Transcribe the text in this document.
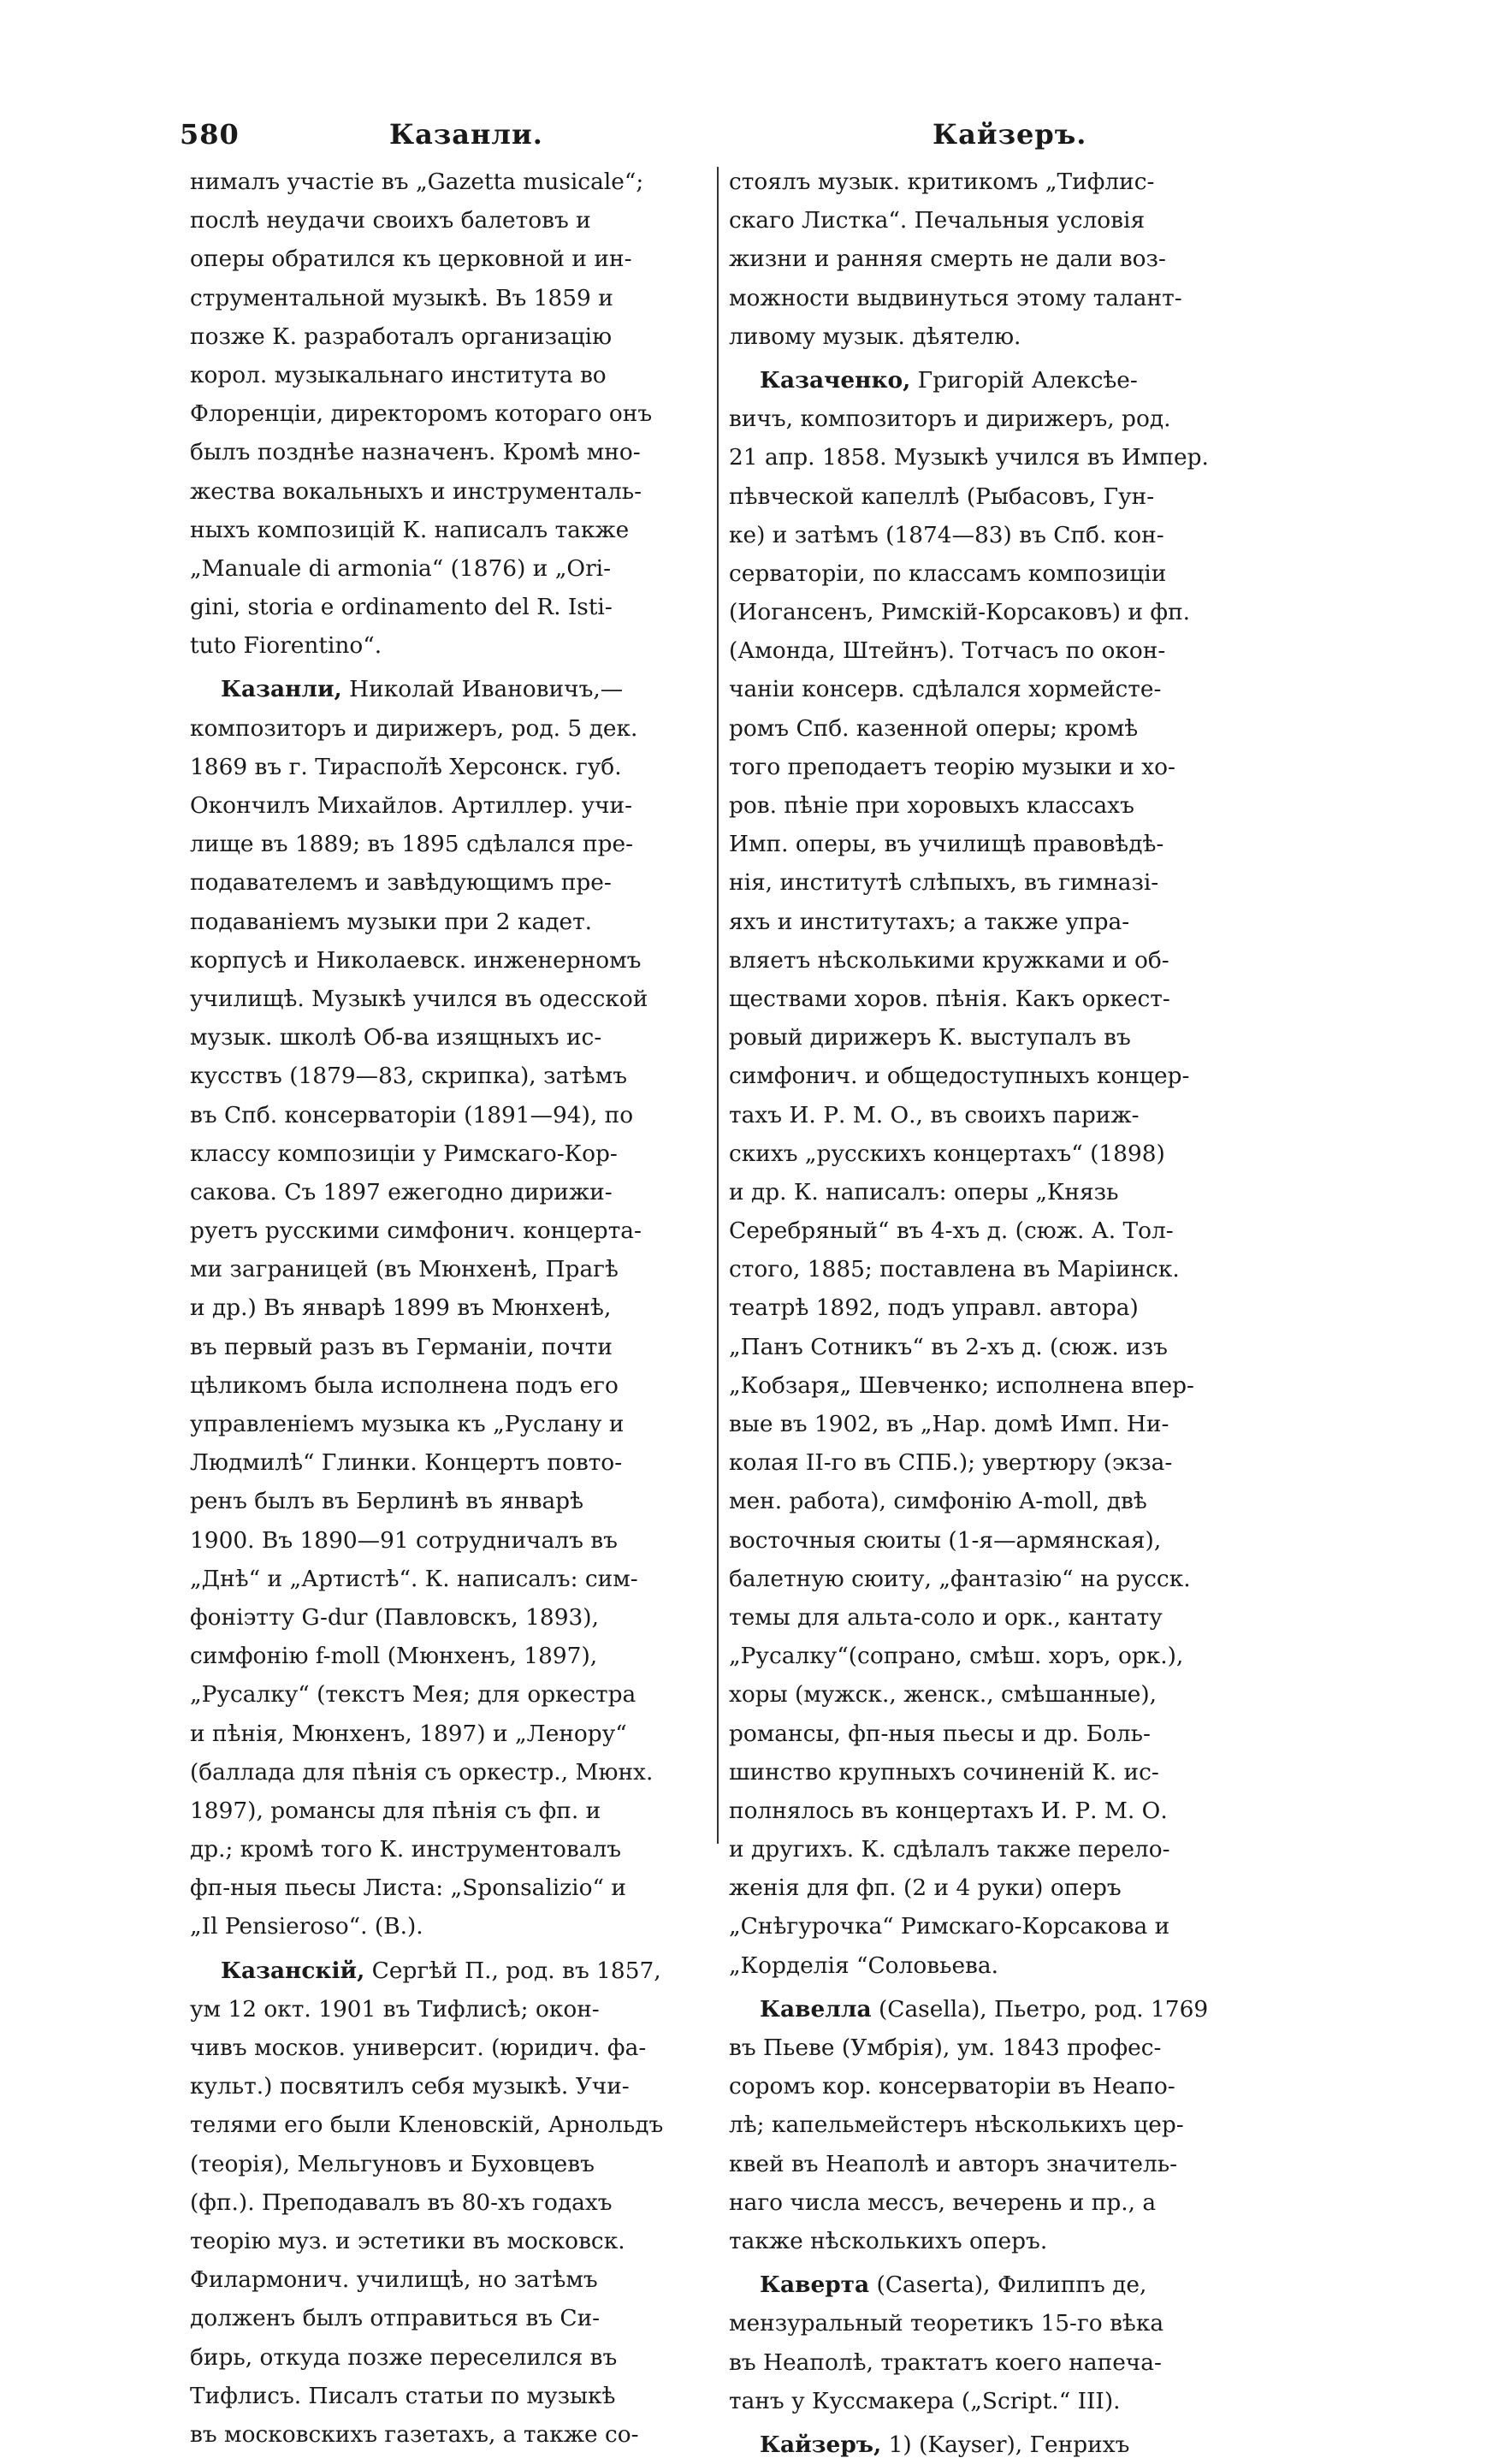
580	Казанли.	Кайзеръ.
нималъ участіе въ „Gazetta musicale“;
послѣ неудачи своихъ балетовъ и
оперы обратился къ церковной и ин-
струментальной музыкѣ. Въ 1859 и
позже К. разработалъ организацію
корол. музыкальнаго института во
Флоренціи, директоромъ котораго онъ
былъ позднѣе назначенъ. Кромѣ мно-
жества вокальныхъ и инструменталь-
ныхъ композицій К. написалъ также
„Manuale di armonia“ (1876) и „Ori-
gini, storia e ordinamento del R. Isti-
tuto Fiorentino“.
Казанли, Николай Ивановичъ,—
композиторъ и дирижеръ, род. 5 дек.
1869 въ г. Тираспол̆ѣ Херсонск. губ.
Окончилъ Михайлов. Артиллер. учи-
лище въ 1889; въ 1895 сдѣлался пре-
подавателемъ и завѣдующимъ пре-
подаваніемъ музыки при 2 кадет.
корпусѣ и Николаевск. инженерномъ
училищѣ. Музыкѣ учился въ одесской
музык. школѣ Об-ва изящныхъ ис-
кусствъ (1879—83, скрипка), затѣмъ
въ Спб. консерваторіи (1891—94), по
классу композиціи у Римскаго-Кор-
сакова. Съ 1897 ежегодно дирижи-
руетъ русскими симфонич. концерта-
ми заграницей (въ Мюнхенѣ, Прагѣ
и др.) Въ январѣ 1899 въ Мюнхенѣ,
въ первый разъ въ Германіи, почти
цѣликомъ была исполнена подъ его
управленіемъ музыка къ „Руслану и
Людмилѣ“ Глинки. Концертъ повто-
ренъ былъ въ Берлинѣ въ январѣ
1900. Въ 1890—91 сотрудничалъ въ
„Днѣ“ и „Артистѣ“. К. написалъ: сим-
фоніэтту G-dur (Павловскъ, 1893),
симфонію f-moll (Мюнхенъ, 1897),
„Русалку“ (текстъ Мея; для оркестра
и пѣнія, Мюнхенъ, 1897) и „Ленору“
(баллада для пѣнія съ оркестр., Мюнх.
1897), романсы для пѣнія съ фп. и
др.; кромѣ того К. инструментовалъ
фп-ныя пьесы Листа: „Sponsalizio“ и
„Il Pensieroso“. (В.).
Казанскій, Сергѣй П., род. въ 1857,
ум 12 окт. 1901 въ Тифлисѣ; окон-
чивъ москов. университ. (юридич. фа-
культ.) посвятилъ себя музыкѣ. Учи-
телями его были Кленовскій, Арнольдъ
(теорія), Мельгуновъ и Буховцевъ
(фп.). Преподавалъ въ 80-хъ годахъ
теорію муз. и эстетики въ московск.
Филармонич. училищѣ, но затѣмъ
долженъ былъ отправиться въ Си-
бирь, откуда позже переселился въ
Тифлисъ. Писалъ статьи по музыкѣ
въ московскихъ газетахъ, а также со-
стоялъ музык. критикомъ „Тифлис-
скаго Листка“. Печальныя условія
жизни и ранняя смерть не дали воз-
можности выдвинуться этому талант-
ливому музык. дѣятелю.
Казаченко, Григорій Алексѣе-
вичъ, композиторъ и дирижеръ, род.
21 апр. 1858. Музыкѣ учился въ Импер.
пѣвческой капеллѣ (Рыбасовъ, Гун-
ке) и затѣмъ (1874—83) въ Спб. кон-
серваторіи, по классамъ композиціи
(Иогансенъ, Римскій-Корсаковъ) и фп.
(Амонда, Штейнъ). Тотчасъ по окон-
чаніи консерв. сдѣлался хормейсте-
ромъ Спб. казенной оперы; кромѣ
того преподаетъ теорію музыки и хо-
ров. пѣніе при хоровыхъ классахъ
Имп. оперы, въ училищѣ правовѣдѣ-
нія, институтѣ слѣпыхъ, въ гимназі-
яхъ и институтахъ; а также упра-
вляетъ нѣсколькими кружками и об-
ществами хоров. пѣнія. Какъ оркест-
ровый дирижеръ К. выступалъ въ
симфонич. и общедоступныхъ концер-
тахъ И. Р. М. О., въ своихъ париж-
скихъ „русскихъ концертахъ“ (1898)
и др. К. написалъ: оперы „Князь
Серебряный“ въ 4-хъ д. (сюж. А. Тол-
стого, 1885; поставлена въ Маріинск.
театрѣ 1892, подъ управл. автора)
„Панъ Сотникъ“ въ 2-хъ д. (сюж. изъ
„Кобзаря„ Шевченко; исполнена впер-
вые въ 1902, въ „Нар. домѣ Имп. Ни-
колая II-го въ СПБ.); увертюру (экза-
мен. работа), симфонію A-moll, двѣ
восточныя сюиты (1-я—армянская),
балетную сюиту, „фантазію“ на русск.
темы для альта-соло и орк., кантату
„Русалку“(сопрано, смѣш. хоръ, орк.),
хоры (мужск., женск., смѣшанные),
романсы, фп-ныя пьесы и др. Боль-
шинство крупныхъ сочиненій К. ис-
полнялось въ концертахъ И. Р. М. О.
и другихъ. К. сдѣлалъ также перело-
женія для фп. (2 и 4 руки) оперъ
„Снѣгурочка“ Римскаго-Корсакова и
„Корделія “Соловьева.
Кавелла (Casella), Пьетро, род. 1769
въ Пьеве (Умбрія), ум. 1843 профес-
соромъ кор. консерваторіи въ Неапо-
лѣ; капельмейстеръ нѣсколькихъ цер-
квей въ Неаполѣ и авторъ значитель-
наго числа мессъ, вечерень и пр., а
также нѣсколькихъ оперъ.
Каверта (Caserta), Филиппъ де,
мензуральный теоретикъ 15-го вѣка
въ Неаполѣ, трактатъ коего напеча-
танъ у Куссмакера („Script.“ III).
Кайзеръ, 1) (Kayser), Генрихъ
